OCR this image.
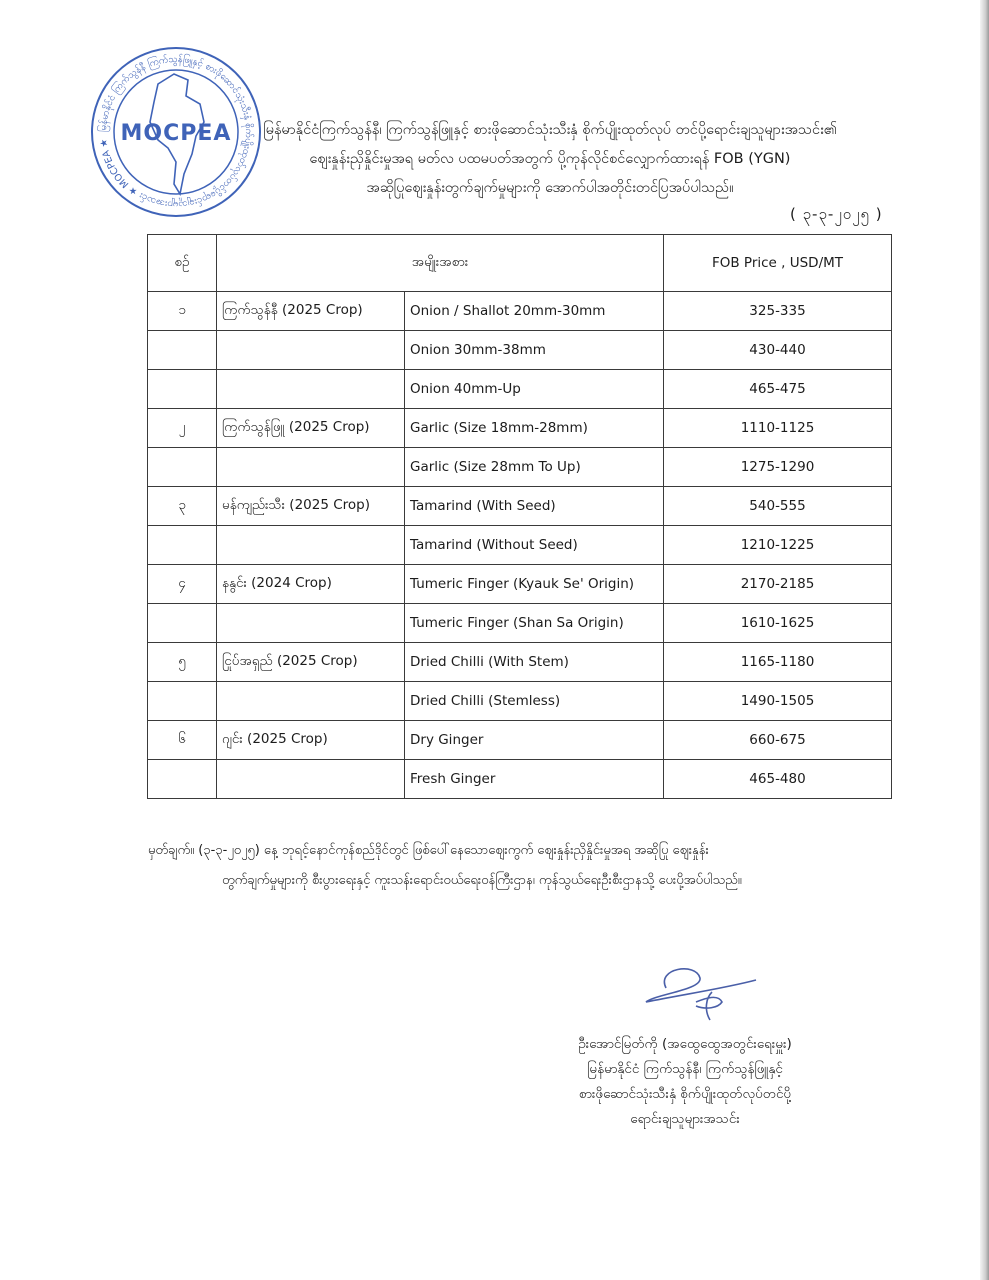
မြန်မာနိုင်ငံ ကြက်သွန်နီ ကြက်သွန်ဖြူနှင့် စားဖိုဆောင်သုံးသီးနှံ စိုက်ပျိုးထုတ်လုပ်တင်ပို့ရောင်းချသူများအသင်း ★ MOCPEA ★ MOCPEA	မြန်မာနိုင်ငံကြက်သွန်နီ၊ ကြက်သွန်ဖြူနှင့် စားဖိုဆောင်သုံးသီးနှံ စိုက်ပျိုးထုတ်လုပ် တင်ပို့ရောင်းချသူများအသင်း၏
ဈေးနှုန်းညှိနှိုင်းမှုအရ မတ်လ ပထမပတ်အတွက် ပို့ကုန်လိုင်စင်လျှောက်ထားရန် FOB (YGN)
အဆိုပြုဈေးနှုန်းတွက်ချက်မှုများကို အောက်ပါအတိုင်းတင်ပြအပ်ပါသည်။
( ၃-၃-၂၀၂၅ )
စဉ်	အမျိုးအစား		FOB Price , USD/MT
၁	ကြက်သွန်နီ (2025 Crop)	Onion / Shallot 20mm-30mm	325-335
		Onion 30mm-38mm	430-440
		Onion 40mm-Up	465-475
၂	ကြက်သွန်ဖြူ (2025 Crop)	Garlic (Size 18mm-28mm)	1110-1125
		Garlic (Size 28mm To Up)	1275-1290
၃	မန်ကျည်းသီး (2025 Crop)	Tamarind (With Seed)	540-555
		Tamarind (Without Seed)	1210-1225
၄	နနွင်း (2024 Crop)	Tumeric Finger (Kyauk Se' Origin)	2170-2185
		Tumeric Finger (Shan Sa Origin)	1610-1625
၅	ငြုပ်အရှည် (2025 Crop)	Dried Chilli (With Stem)	1165-1180
		Dried Chilli (Stemless)	1490-1505
၆	ဂျင်း (2025 Crop)	Dry Ginger	660-675
		Fresh Ginger	465-480
မှတ်ချက်။ (၃-၃-၂၀၂၅) နေ့ ဘုရင့်နောင်ကုန်စည်ဒိုင်တွင် ဖြစ်ပေါ်နေသောဈေးကွက် ဈေးနှုန်းညှိနှိုင်းမှုအရ အဆိုပြု ဈေးနှုန်း
တွက်ချက်မှုများကို စီးပွားရေးနှင့် ကူးသန်းရောင်းဝယ်ရေးဝန်ကြီးဌာန၊ ကုန်သွယ်ရေးဦးစီးဌာနသို့ ပေးပို့အပ်ပါသည်။
ဦးအောင်မြတ်ကို (အထွေထွေအတွင်းရေးမှူး)
မြန်မာနိုင်ငံ ကြက်သွန်နီ၊ ကြက်သွန်ဖြူနှင့်
စားဖိုဆောင်သုံးသီးနှံ စိုက်ပျိုးထုတ်လုပ်တင်ပို့
ရောင်းချသူများအသင်း
